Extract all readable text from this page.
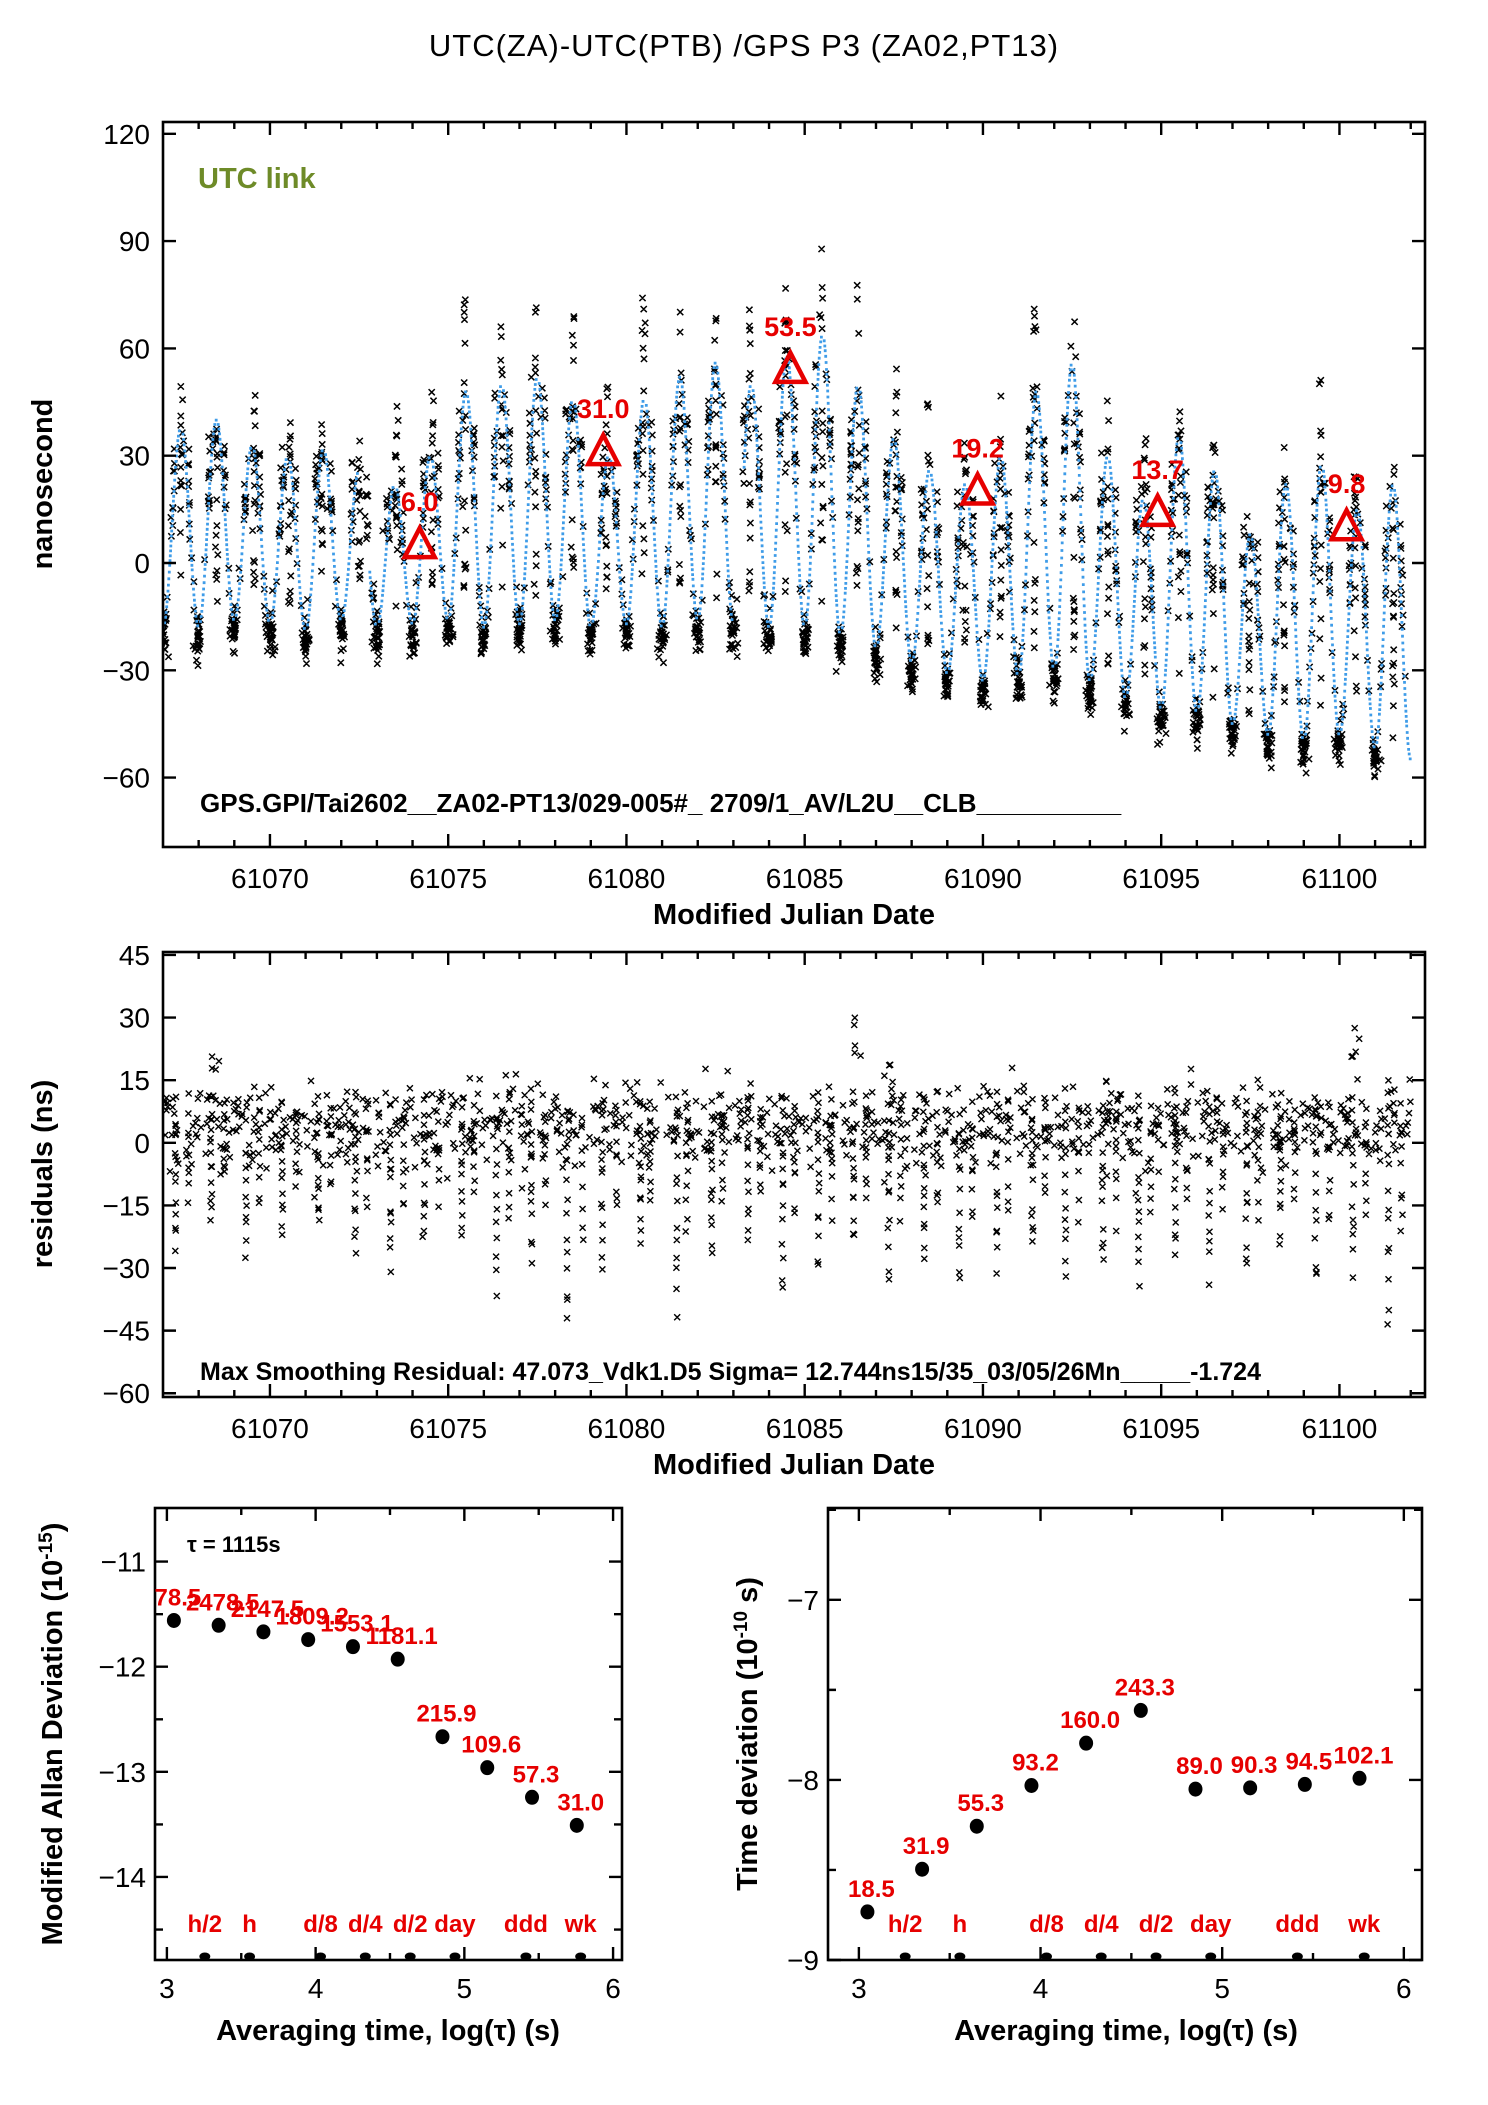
UTC(ZA)-UTC(PTB) /GPS P3 (ZA02,PT13)
6.0
31.0
53.5
19.2
13.7	9.8
−60
−30
0
30
60
90
120
61070	61075	61080	61085	61090	61095	61100
Modified Julian Date
nanosecond
UTC link
GPS.GPI/Tai2602__ZA02-PT13/029-005#_ 2709/1_AV/L2U__CLB__________
45
30
15
0
−15
−30
−45
−60
61070	61075	61080	61085	61090	61095	61100
Modified Julian Date
residuals (ns)
Max Smoothing Residual: 47.073_Vdk1.D5 Sigma= 12.744ns15/35_03/05/26Mn_____-1.724
−11
−12
−13
−14
3	4	5	6
78.5
2478.5
2147.5
1809.2
1553.1
1181.1
215.9
109.6
57.3
31.0
h/2 h d/8 d/4 d/2 day ddd wk
Averaging time, log(τ) (s)
Modified Allan Deviation $(10^{-15})$
τ = 1115s
−7
−8
−9
3	4	5	6
18.5
31.9
55.3
93.2
160.0
243.3
89.0 90.3 94.5 102.1
h/2 h	d/8 d/4 d/2 day ddd wk
Averaging time, log(τ) (s)
Time deviation ($10^{-10}$ s)
